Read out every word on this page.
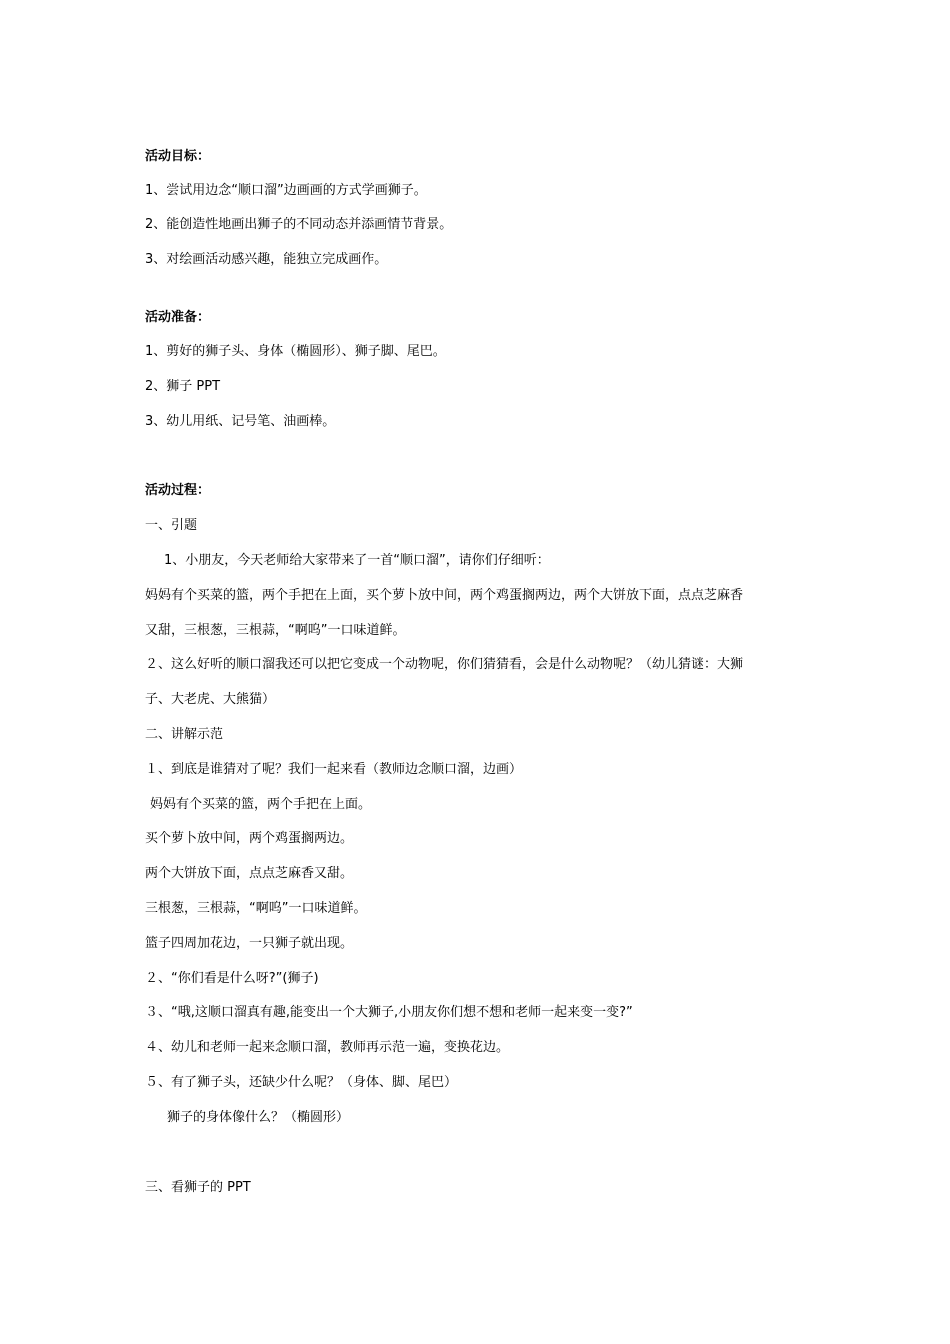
活动目标：
1、尝试用边念“顺口溜”边画画的方式学画狮子。
2、能创造性地画出狮子的不同动态并添画情节背景。
3、对绘画活动感兴趣，能独立完成画作。
活动准备：
1、剪好的狮子头、身体（椭圆形）、狮子脚、尾巴。
2、狮子 PPT
3、幼儿用纸、记号笔、油画棒。
活动过程：
一、引题
1、小朋友，今天老师给大家带来了一首“顺口溜”，请你们仔细听：
妈妈有个买菜的篮，两个手把在上面，买个萝卜放中间，两个鸡蛋搁两边，两个大饼放下面，点点芝麻香
又甜，三根葱，三根蒜，“啊呜”一口味道鲜。
２、这么好听的顺口溜我还可以把它变成一个动物呢，你们猜猜看，会是什么动物呢？（幼儿猜谜：大狮
子、大老虎、大熊猫）
二、讲解示范
１、到底是谁猜对了呢？我们一起来看（教师边念顺口溜，边画）
妈妈有个买菜的篮，两个手把在上面。
买个萝卜放中间，两个鸡蛋搁两边。
两个大饼放下面，点点芝麻香又甜。
三根葱，三根蒜，“啊呜”一口味道鲜。
篮子四周加花边，一只狮子就出现。
２、“你们看是什么呀?”(狮子)
３、“哦,这顺口溜真有趣,能变出一个大狮子,小朋友你们想不想和老师一起来变一变?”
４、幼儿和老师一起来念顺口溜，教师再示范一遍，变换花边。
５、有了狮子头，还缺少什么呢？（身体、脚、尾巴）
狮子的身体像什么？（椭圆形）
三、看狮子的 PPT
